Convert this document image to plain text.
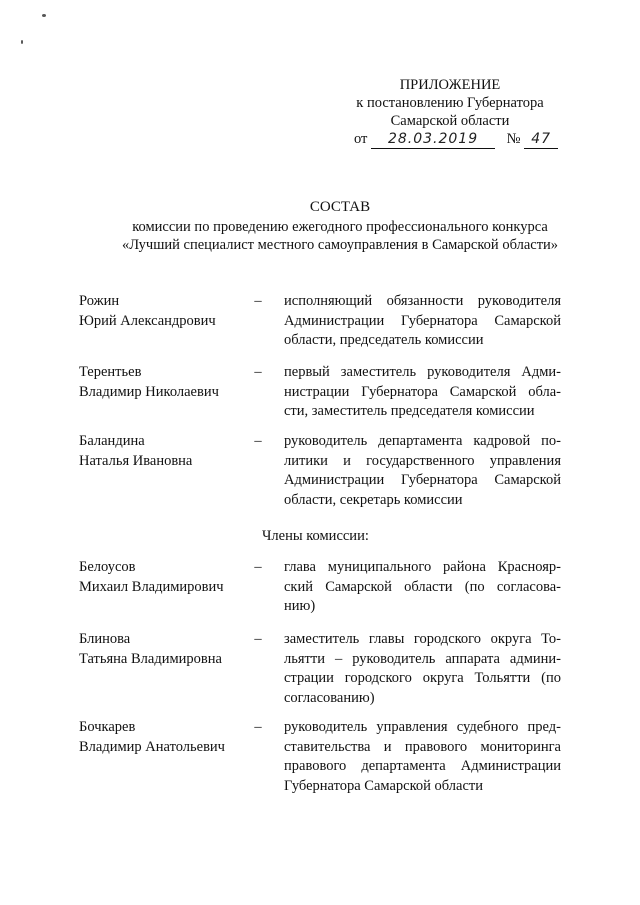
ПРИЛОЖЕНИЕ
к постановлению Губернатора
Самарской области
от 28.03.2019 № 47
СОСТАВ
комиссии по проведению ежегодного профессионального конкурса
«Лучший специалист местного самоуправления в Самарской области»
Рожин
Юрий Александрович
– исполняющий обязанности руководителя
Администрации Губернатора Самарской
области, председатель комиссии
Терентьев
Владимир Николаевич
– первый заместитель руководителя Адми-
нистрации Губернатора Самарской обла-
сти, заместитель председателя комиссии
Баландина
Наталья Ивановна
– руководитель департамента кадровой по-
литики и государственного управления
Администрации Губернатора Самарской
области, секретарь комиссии
Члены комиссии:
Белоусов
Михаил Владимирович
– глава муниципального района Краснояр-
ский Самарской области (по согласова-
нию)
Блинова
Татьяна Владимировна
– заместитель главы городского округа То-
льятти – руководитель аппарата админи-
страции городского округа Тольятти (по
согласованию)
Бочкарев
Владимир Анатольевич
– руководитель управления судебного пред-
ставительства и правового мониторинга
правового департамента Администрации
Губернатора Самарской области
